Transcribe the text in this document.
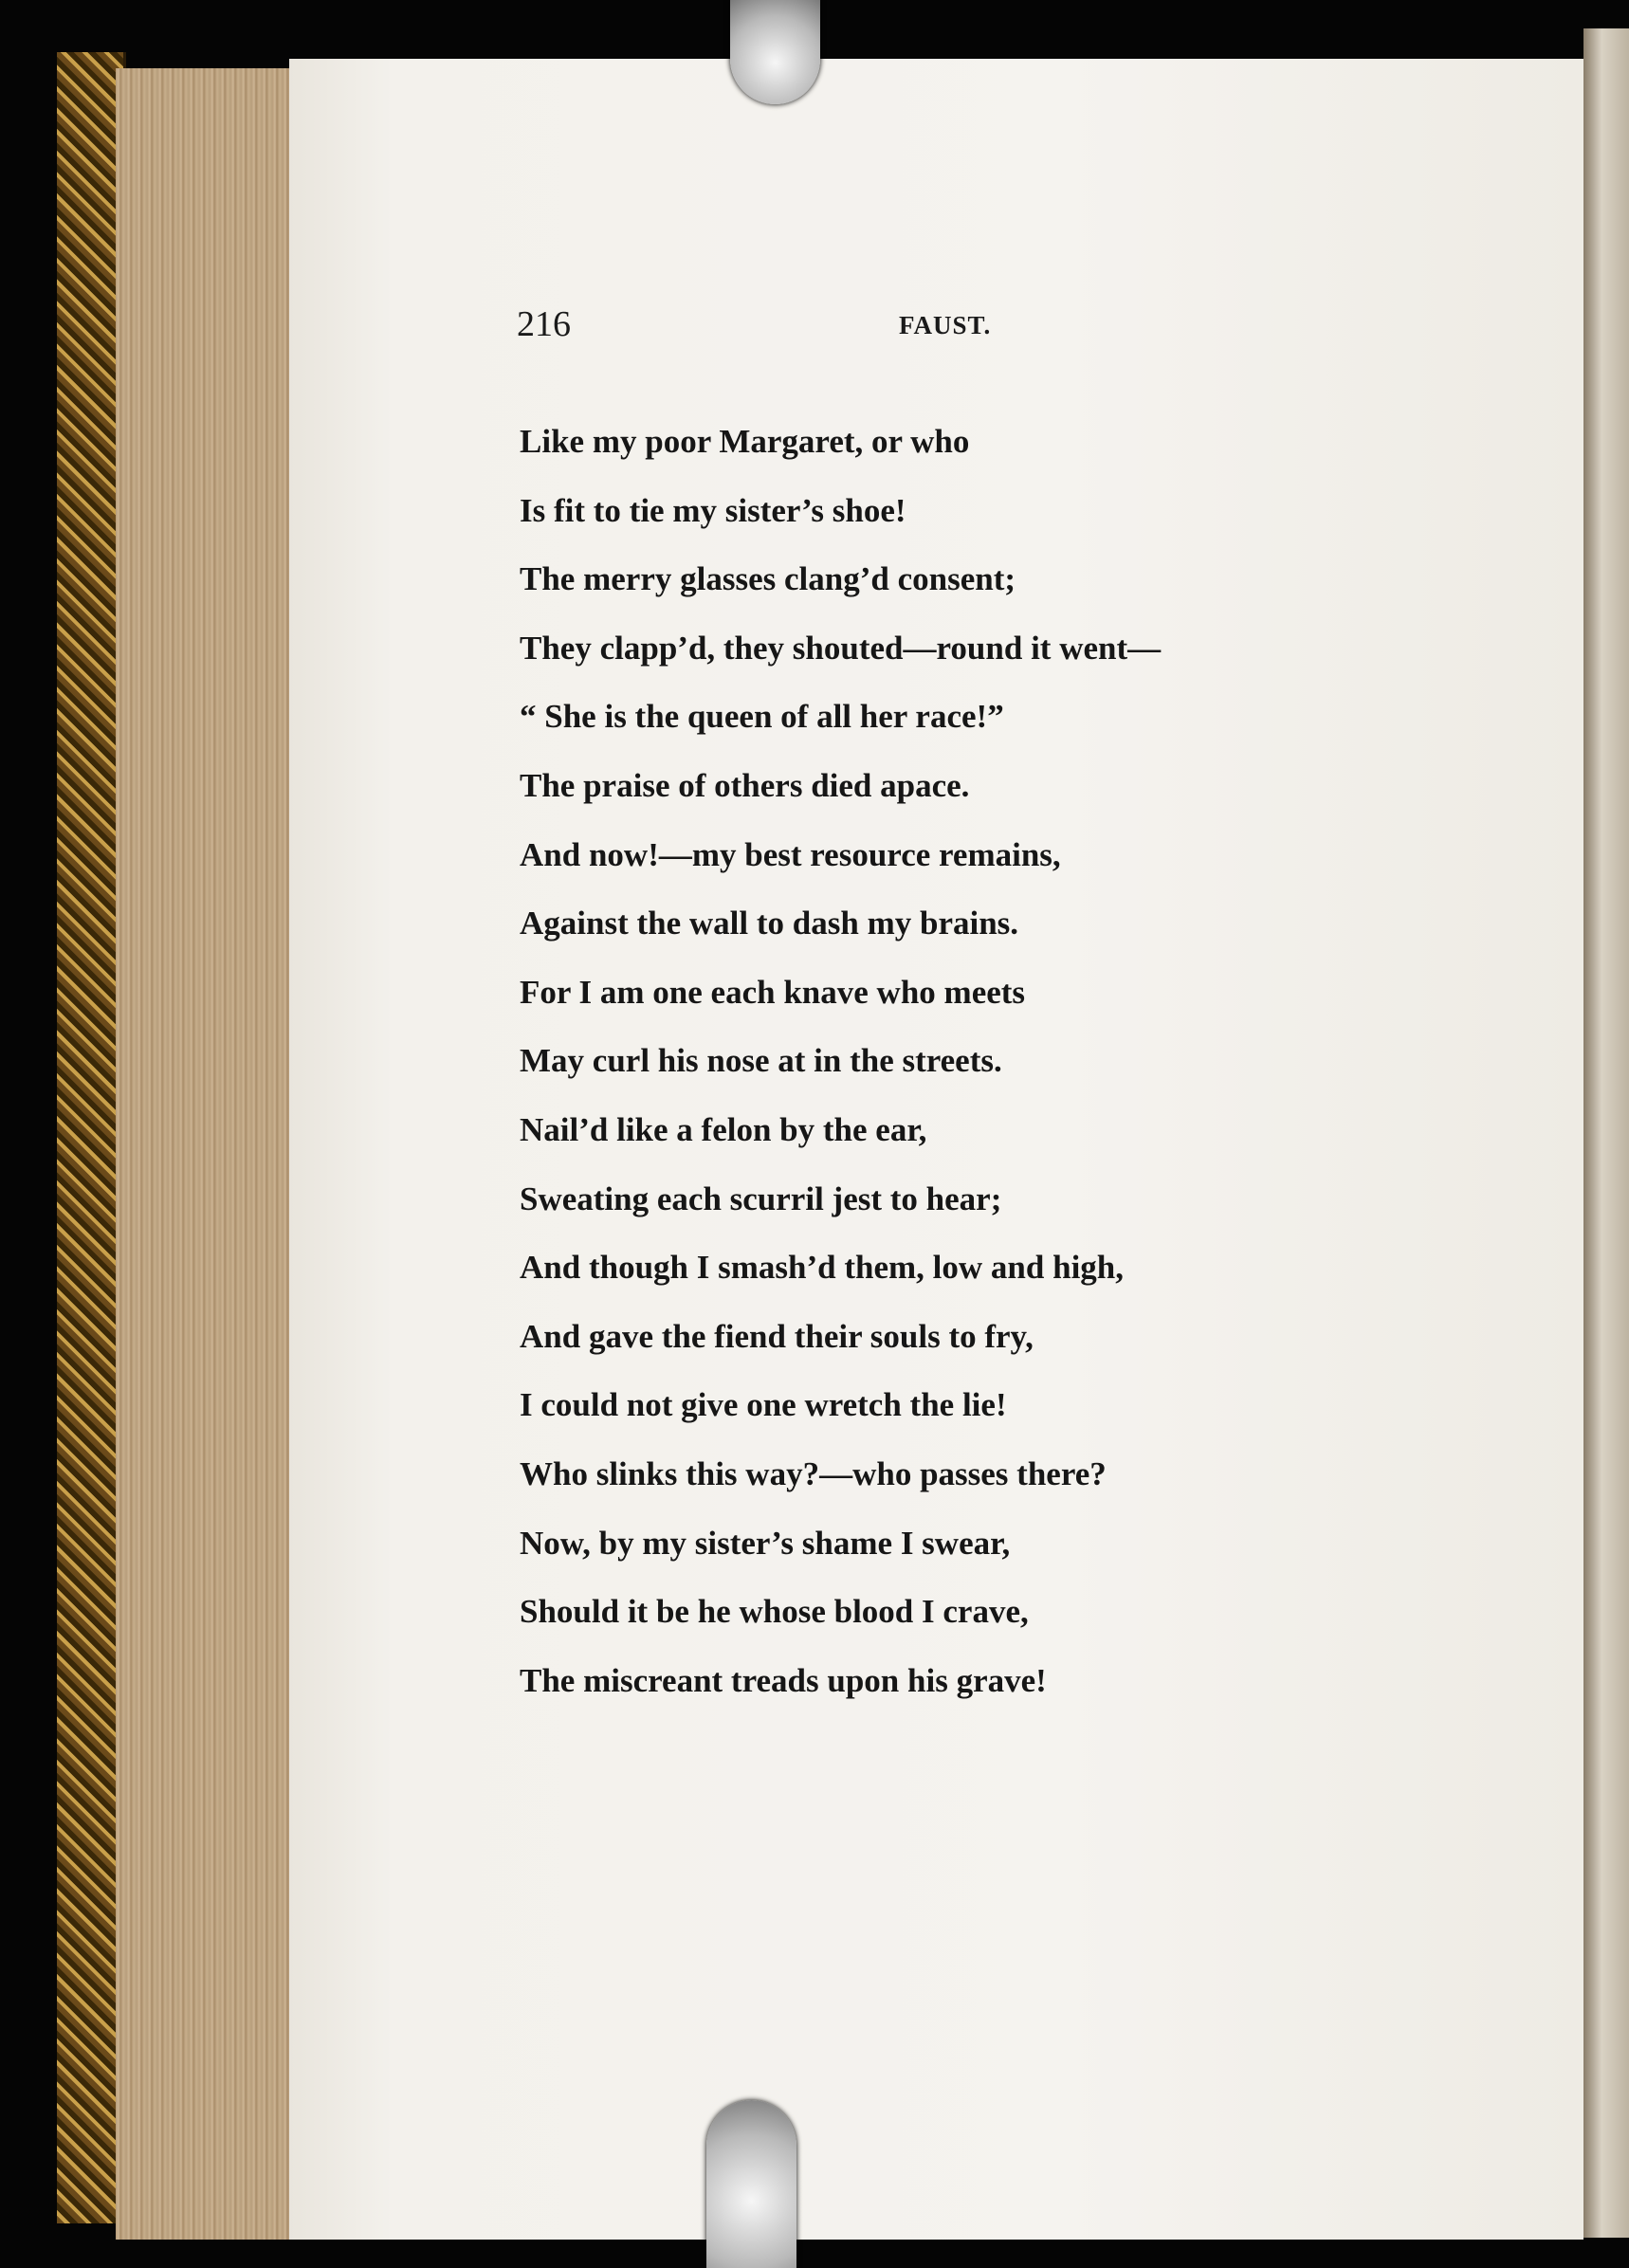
216	FAUST.
Like my poor Margaret, or who
Is fit to tie my sister’s shoe!
The merry glasses clang’d consent;
They clapp’d, they shouted—round it went—
“ She is the queen of all her race!”
The praise of others died apace.
And now!—my best resource remains,
Against the wall to dash my brains.
For I am one each knave who meets
May curl his nose at in the streets.
Nail’d like a felon by the ear,
Sweating each scurril jest to hear;
And though I smash’d them, low and high,
And gave the fiend their souls to fry,
I could not give one wretch the lie!
Who slinks this way?—who passes there?
Now, by my sister’s shame I swear,
Should it be he whose blood I crave,
The miscreant treads upon his grave!
